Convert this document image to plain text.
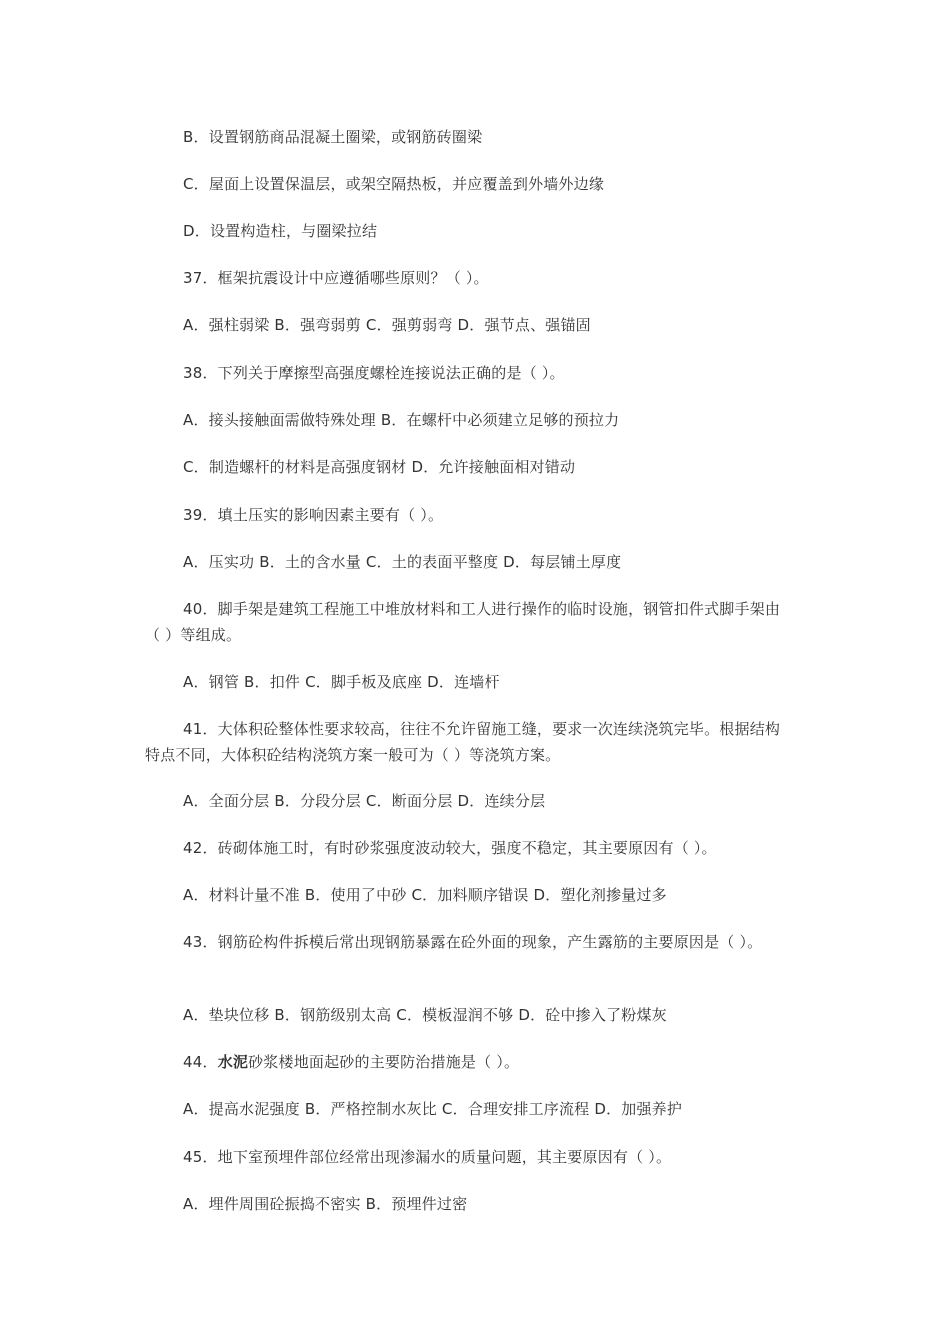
B．设置钢筋商品混凝土圈梁，或钢筋砖圈梁
C．屋面上设置保温层，或架空隔热板，并应覆盖到外墙外边缘
D．设置构造柱，与圈梁拉结
37．框架抗震设计中应遵循哪些原则？（ ）。
A．强柱弱梁 B．强弯弱剪 C．强剪弱弯 D．强节点、强锚固
38．下列关于摩擦型高强度螺栓连接说法正确的是（ ）。
A．接头接触面需做特殊处理 B．在螺杆中必须建立足够的预拉力
C．制造螺杆的材料是高强度钢材 D．允许接触面相对错动
39．填土压实的影响因素主要有（ ）。
A．压实功 B．土的含水量 C．土的表面平整度 D．每层铺土厚度
40．脚手架是建筑工程施工中堆放材料和工人进行操作的临时设施，钢管扣件式脚手架由（ ）等组成。
A．钢管 B．扣件 C．脚手板及底座 D．连墙杆
41．大体积砼整体性要求较高，往往不允许留施工缝，要求一次连续浇筑完毕。根据结构 特点不同，大体积砼结构浇筑方案一般可为（ ）等浇筑方案。
A．全面分层 B．分段分层 C．断面分层 D．连续分层
42．砖砌体施工时，有时砂浆强度波动较大，强度不稳定，其主要原因有（ ）。
A．材料计量不准 B．使用了中砂 C．加料顺序错误 D．塑化剂掺量过多
43．钢筋砼构件拆模后常出现钢筋暴露在砼外面的现象，产生露筋的主要原因是（ ）。
A．垫块位移 B．钢筋级别太高 C．模板湿润不够 D．砼中掺入了粉煤灰
44．水泥砂浆楼地面起砂的主要防治措施是（ ）。
A．提高水泥强度 B．严格控制水灰比 C．合理安排工序流程 D．加强养护
45．地下室预埋件部位经常出现渗漏水的质量问题，其主要原因有（ ）。
A．埋件周围砼振捣不密实 B．预埋件过密
